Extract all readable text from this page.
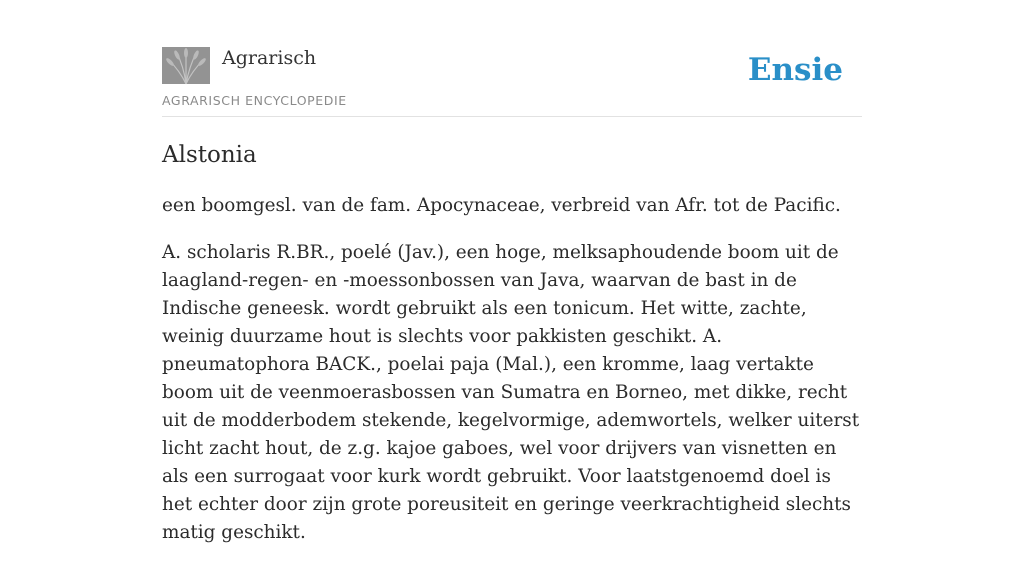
Agrarisch
AGRARISCH ENCYCLOPEDIE
Ensie
Alstonia

een boomgesl. van de fam. Apocynaceae, verbreid van Afr. tot de Pacific.

A. scholaris R.BR., poelé (Jav.), een hoge, melksaphoudende boom uit de laagland-regen- en -moessonbossen van Java, waarvan de bast in de Indische geneesk. wordt gebruikt als een tonicum. Het witte, zachte, weinig duurzame hout is slechts voor pakkisten geschikt. A. pneumatophora BACK., poelai paja (Mal.), een kromme, laag vertakte boom uit de veenmoerasbossen van Sumatra en Borneo, met dikke, recht uit de modderbodem stekende, kegelvormige, ademwortels, welker uiterst licht zacht hout, de z.g. kajoe gaboes, wel voor drijvers van visnetten en als een surrogaat voor kurk wordt gebruikt. Voor laatstgenoemd doel is het echter door zijn grote poreusiteit en geringe veerkrachtigheid slechts matig geschikt.
